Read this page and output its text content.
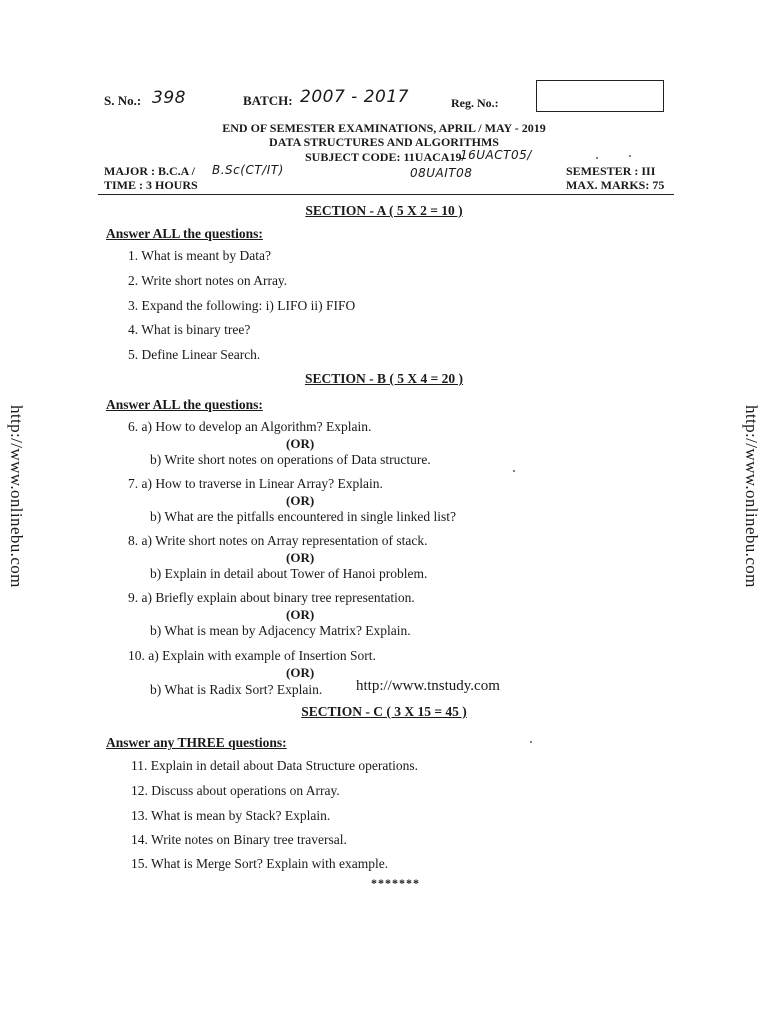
S. No.: 398	BATCH: 2007 - 2017	Reg. No.:
END OF SEMESTER EXAMINATIONS, APRIL / MAY - 2019
DATA STRUCTURES AND ALGORITHMS
SUBJECT CODE: 11UACA19/
16UACT05/
08UAIT08
MAJOR : B.C.A / B.Sc(CT/IT)
TIME : 3 HOURS
SEMESTER : III
MAX. MARKS: 75
SECTION - A ( 5 X 2 = 10 )
Answer ALL the questions:
1. What is meant by Data?
2. Write short notes on Array.
3. Expand the following: i) LIFO ii) FIFO
4. What is binary tree?
5. Define Linear Search.
SECTION - B ( 5 X 4 = 20 )
Answer ALL the questions:
6. a) How to develop an Algorithm? Explain.
(OR)
b) Write short notes on operations of Data structure.
7. a) How to traverse in Linear Array? Explain.
(OR)
b) What are the pitfalls encountered in single linked list?
8. a) Write short notes on Array representation of stack.
(OR)
b) Explain in detail about Tower of Hanoi problem.
9. a) Briefly explain about binary tree representation.
(OR)
b) What is mean by Adjacency Matrix? Explain.
10. a) Explain with example of Insertion Sort.
(OR)
b) What is Radix Sort? Explain. http://www.tnstudy.com
SECTION - C ( 3 X 15 = 45 )
Answer any THREE questions:
11. Explain in detail about Data Structure operations.
12. Discuss about operations on Array.
13. What is mean by Stack? Explain.
14. Write notes on Binary tree traversal.
15. What is Merge Sort? Explain with example.
*******
http://www.onlinebu.com	http://www.onlinebu.com
